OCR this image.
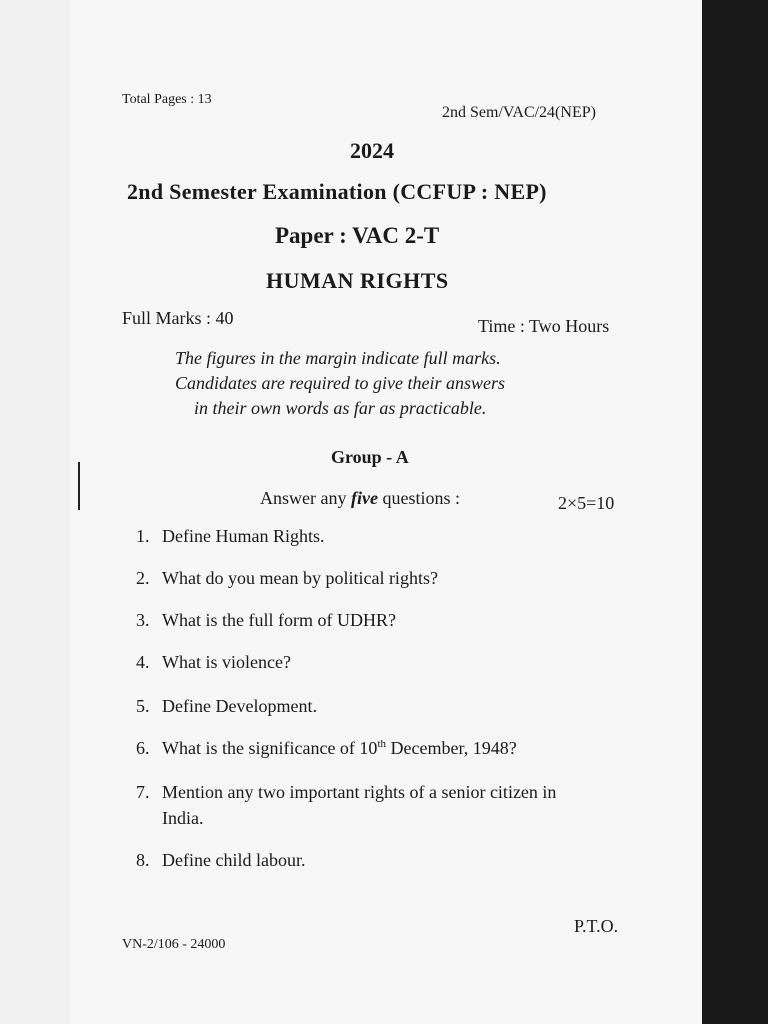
Total Pages : 13
2nd Sem/VAC/24(NEP)
2024
2nd Semester Examination (CCFUP : NEP)
Paper : VAC 2-T
HUMAN RIGHTS
Full Marks : 40	Time : Two Hours
The figures in the margin indicate full marks.
Candidates are required to give their answers
in their own words as far as practicable.
Group - A
Answer any five questions :	2×5=10
1. Define Human Rights.
2. What do you mean by political rights?
3. What is the full form of UDHR?
4. What is violence?
5. Define Development.
6. What is the significance of 10th December, 1948?
7. Mention any two important rights of a senior citizen in
India.
8. Define child labour.
P.T.O.
VN-2/106 - 24000
